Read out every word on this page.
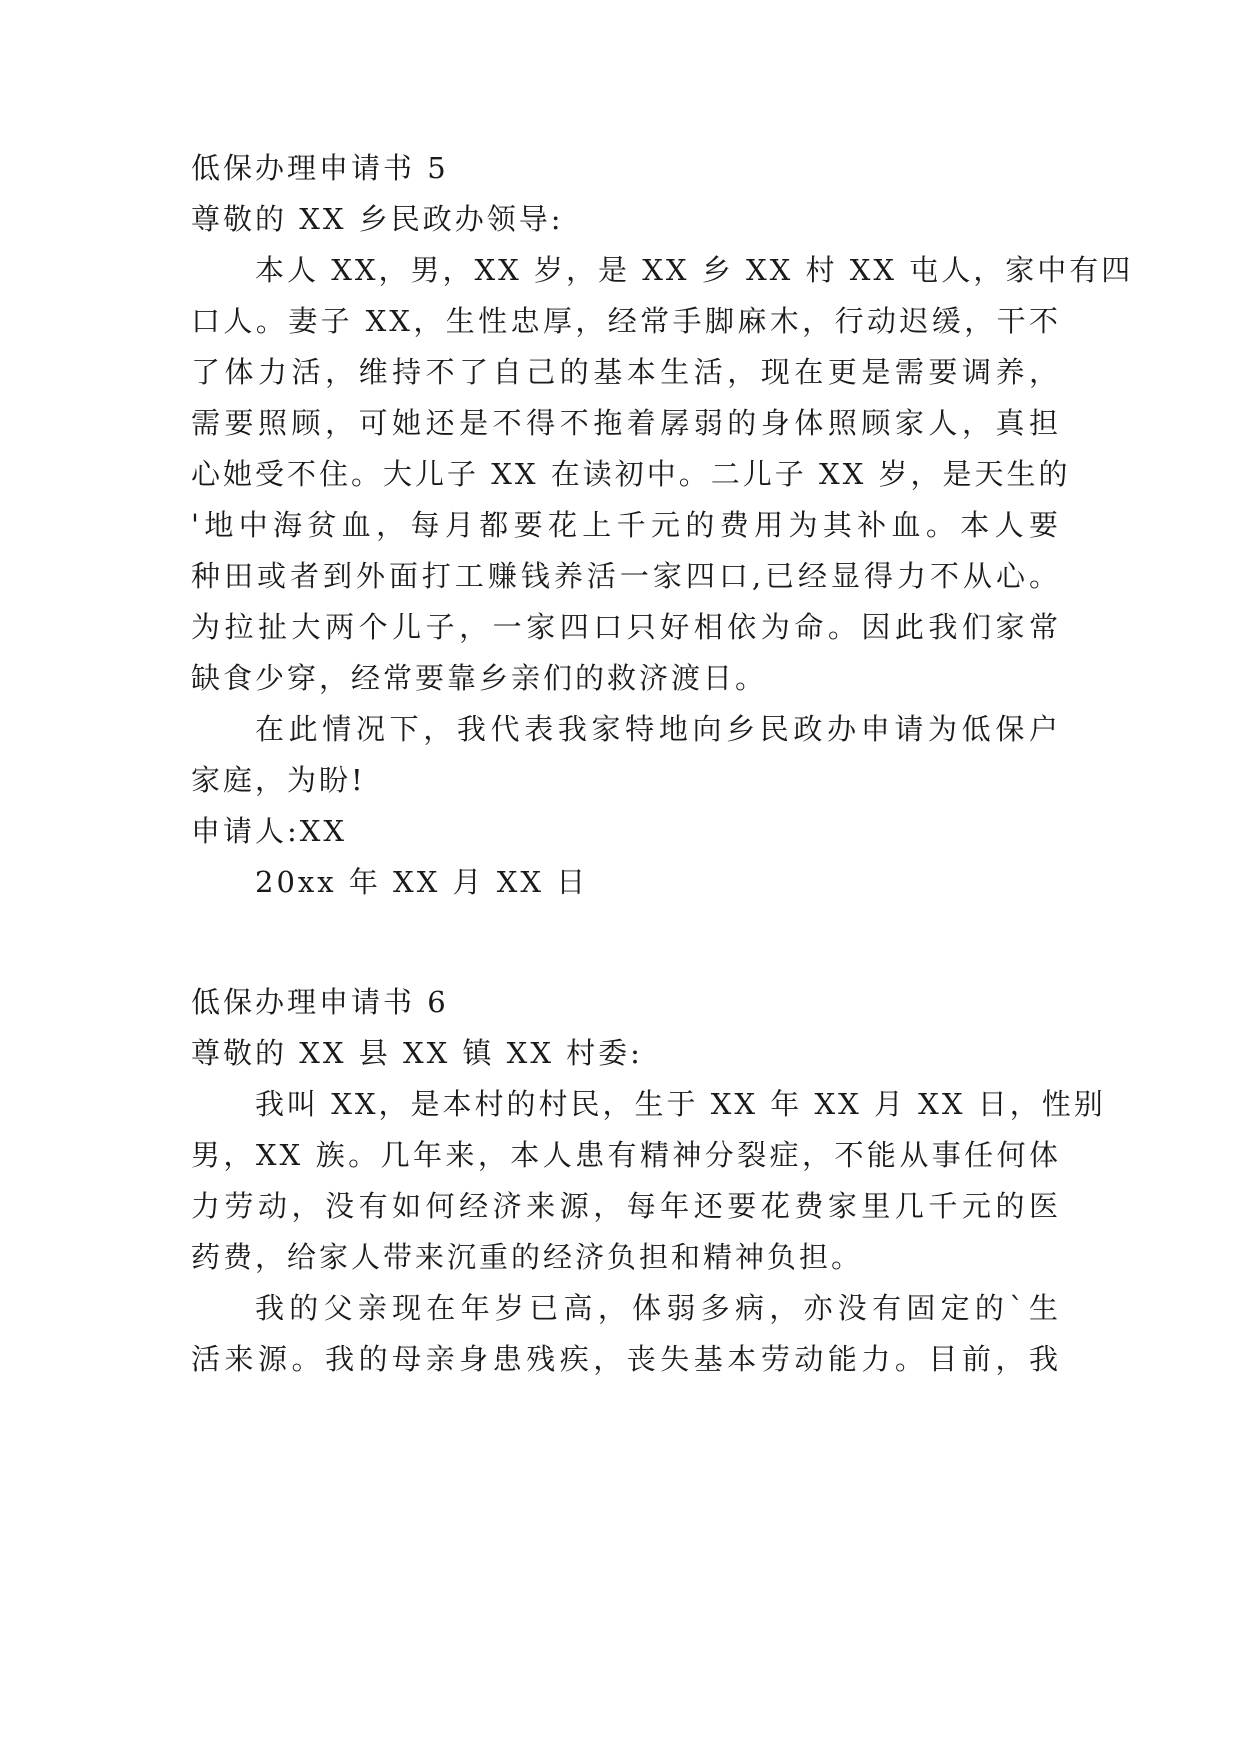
低保办理申请书 5
尊敬的 XX 乡民政办领导:
本人 XX，男，XX 岁，是 XX 乡 XX 村 XX 屯人，家中有四
口人。妻子 XX，生性忠厚，经常手脚麻木，行动迟缓，干不
了体力活，维持不了自己的基本生活，现在更是需要调养，
需要照顾，可她还是不得不拖着孱弱的身体照顾家人，真担
心她受不住。大儿子 XX 在读初中。二儿子 XX 岁，是天生的
'地中海贫血，每月都要花上千元的费用为其补血。本人要
种田或者到外面打工赚钱养活一家四口,已经显得力不从心。
为拉扯大两个儿子，一家四口只好相依为命。因此我们家常
缺食少穿，经常要靠乡亲们的救济渡日。
在此情况下，我代表我家特地向乡民政办申请为低保户
家庭，为盼!
申请人:XX
20xx 年 XX 月 XX 日
低保办理申请书 6
尊敬的 XX 县 XX 镇 XX 村委:
我叫 XX，是本村的村民，生于 XX 年 XX 月 XX 日，性别
男，XX 族。几年来，本人患有精神分裂症，不能从事任何体
力劳动，没有如何经济来源，每年还要花费家里几千元的医
药费，给家人带来沉重的经济负担和精神负担。
我的父亲现在年岁已高，体弱多病，亦没有固定的`生
活来源。我的母亲身患残疾，丧失基本劳动能力。目前，我
